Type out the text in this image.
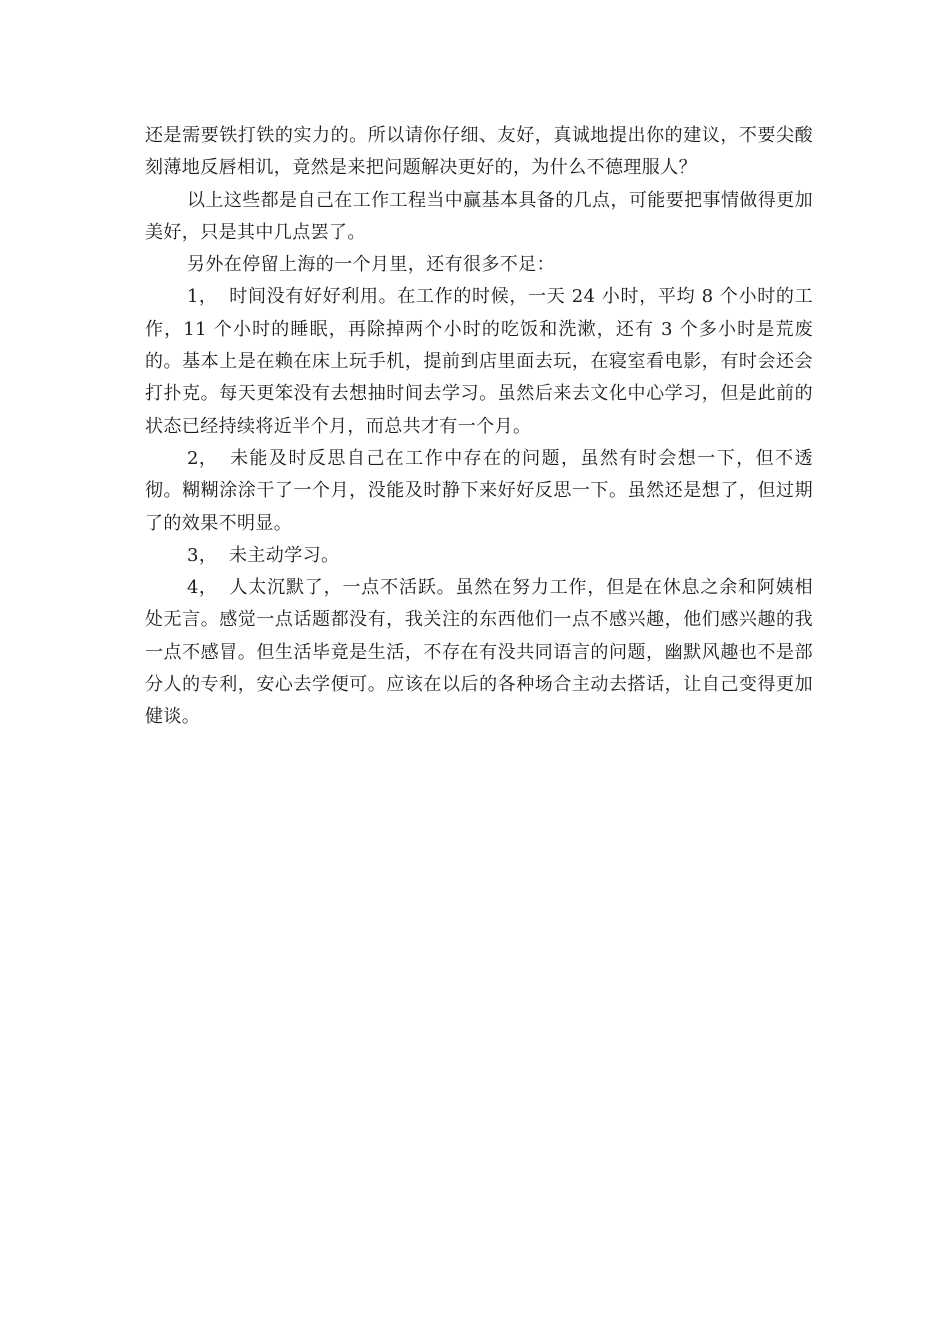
还是需要铁打铁的实力的。所以请你仔细、友好，真诚地提出你的建议，不要尖酸刻薄地反唇相讥，竟然是来把问题解决更好的，为什么不德理服人？

以上这些都是自己在工作工程当中赢基本具备的几点，可能要把事情做得更加美好，只是其中几点罢了。

另外在停留上海的一个月里，还有很多不足：

1， 时间没有好好利用。在工作的时候，一天 24 小时，平均 8 个小时的工作，11 个小时的睡眠，再除掉两个小时的吃饭和洗漱，还有 3 个多小时是荒废的。基本上是在赖在床上玩手机，提前到店里面去玩，在寝室看电影，有时会还会打扑克。每天更笨没有去想抽时间去学习。虽然后来去文化中心学习，但是此前的状态已经持续将近半个月，而总共才有一个月。

2， 未能及时反思自己在工作中存在的问题，虽然有时会想一下，但不透彻。糊糊涂涂干了一个月，没能及时静下来好好反思一下。虽然还是想了，但过期了的效果不明显。

3， 未主动学习。

4， 人太沉默了，一点不活跃。虽然在努力工作，但是在休息之余和阿姨相处无言。感觉一点话题都没有，我关注的东西他们一点不感兴趣，他们感兴趣的我一点不感冒。但生活毕竟是生活，不存在有没共同语言的问题，幽默风趣也不是部分人的专利，安心去学便可。应该在以后的各种场合主动去搭话，让自己变得更加健谈。
